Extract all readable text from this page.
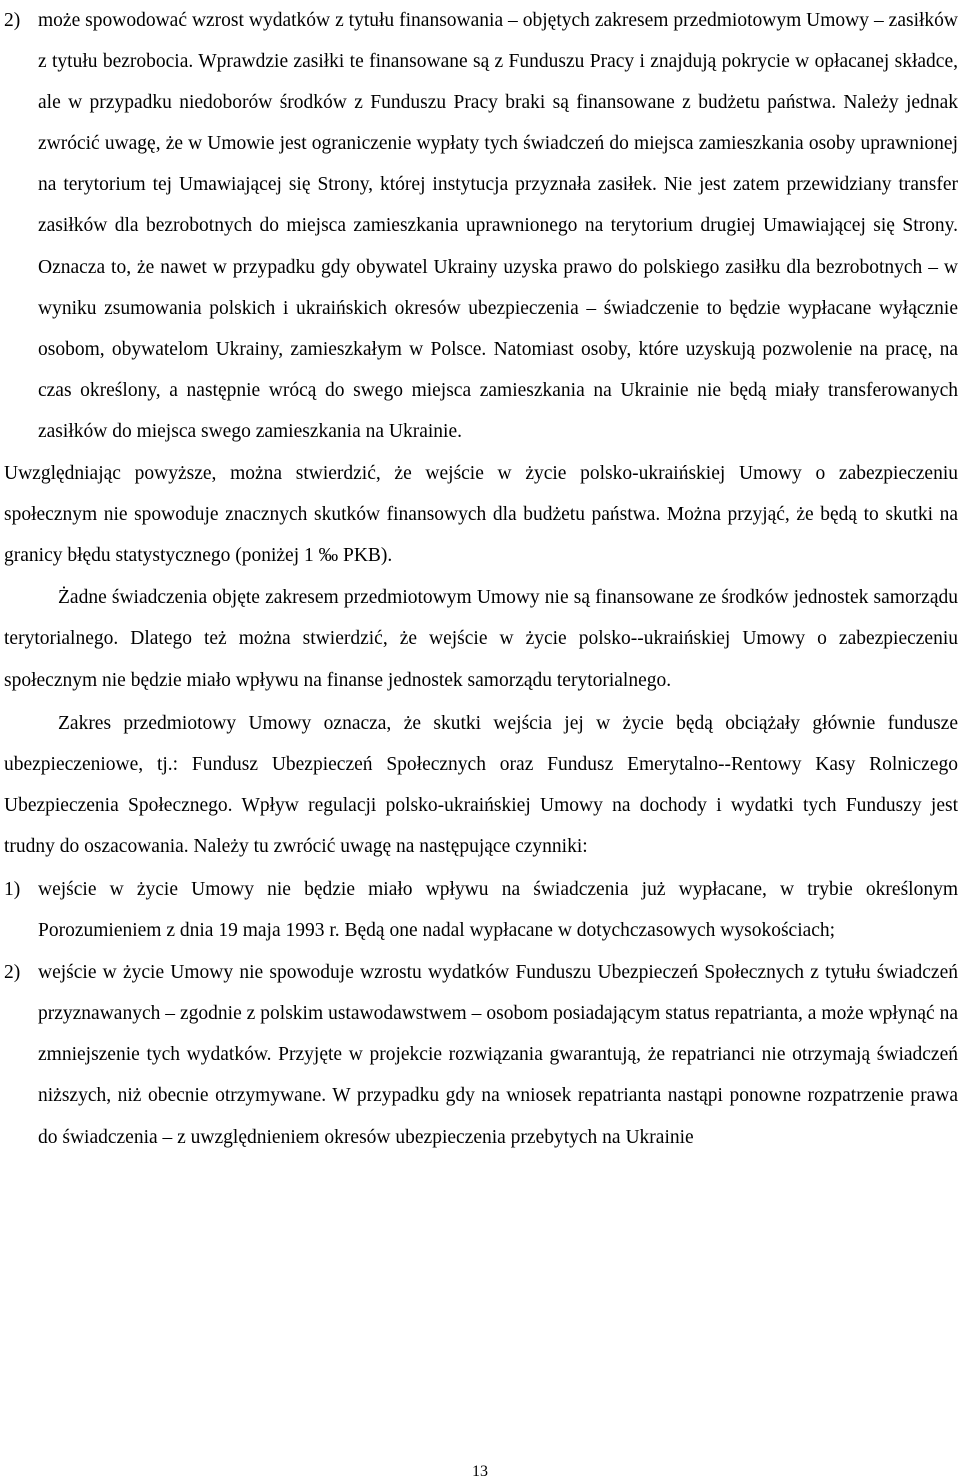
2) może spowodować wzrost wydatków z tytułu finansowania – objętych zakresem przedmiotowym Umowy – zasiłków z tytułu bezrobocia. Wprawdzie zasiłki te finansowane są z Funduszu Pracy i znajdują pokrycie w opłacanej składce, ale w przypadku niedoborów środków z Funduszu Pracy braki są finansowane z budżetu państwa. Należy jednak zwrócić uwagę, że w Umowie jest ograniczenie wypłaty tych świadczeń do miejsca zamieszkania osoby uprawnionej na terytorium tej Umawiającej się Strony, której instytucja przyznała zasiłek. Nie jest zatem przewidziany transfer zasiłków dla bezrobotnych do miejsca zamieszkania uprawnionego na terytorium drugiej Umawiającej się Strony. Oznacza to, że nawet w przypadku gdy obywatel Ukrainy uzyska prawo do polskiego zasiłku dla bezrobotnych – w wyniku zsumowania polskich i ukraińskich okresów ubezpieczenia – świadczenie to będzie wypłacane wyłącznie osobom, obywatelom Ukrainy, zamieszkałym w Polsce. Natomiast osoby, które uzyskują pozwolenie na pracę, na czas określony, a następnie wrócą do swego miejsca zamieszkania na Ukrainie nie będą miały transferowanych zasiłków do miejsca swego zamieszkania na Ukrainie.

Uwzględniając powyższe, można stwierdzić, że wejście w życie polsko-ukraińskiej Umowy o zabezpieczeniu społecznym nie spowoduje znacznych skutków finansowych dla budżetu państwa. Można przyjąć, że będą to skutki na granicy błędu statystycznego (poniżej 1 ‰ PKB).

Żadne świadczenia objęte zakresem przedmiotowym Umowy nie są finansowane ze środków jednostek samorządu terytorialnego. Dlatego też można stwierdzić, że wejście w życie polsko--ukraińskiej Umowy o zabezpieczeniu społecznym nie będzie miało wpływu na finanse jednostek samorządu terytorialnego.

Zakres przedmiotowy Umowy oznacza, że skutki wejścia jej w życie będą obciążały głównie fundusze ubezpieczeniowe, tj.: Fundusz Ubezpieczeń Społecznych oraz Fundusz Emerytalno--Rentowy Kasy Rolniczego Ubezpieczenia Społecznego. Wpływ regulacji polsko-ukraińskiej Umowy na dochody i wydatki tych Funduszy jest trudny do oszacowania. Należy tu zwrócić uwagę na następujące czynniki:

1) wejście w życie Umowy nie będzie miało wpływu na świadczenia już wypłacane, w trybie określonym Porozumieniem z dnia 19 maja 1993 r. Będą one nadal wypłacane w dotychczasowych wysokościach;
2) wejście w życie Umowy nie spowoduje wzrostu wydatków Funduszu Ubezpieczeń Społecznych z tytułu świadczeń przyznawanych – zgodnie z polskim ustawodawstwem – osobom posiadającym status repatrianta, a może wpłynąć na zmniejszenie tych wydatków. Przyjęte w projekcie rozwiązania gwarantują, że repatrianci nie otrzymają świadczeń niższych, niż obecnie otrzymywane. W przypadku gdy na wniosek repatrianta nastąpi ponowne rozpatrzenie prawa do świadczenia – z uwzględnieniem okresów ubezpieczenia przebytych na Ukrainie
13
